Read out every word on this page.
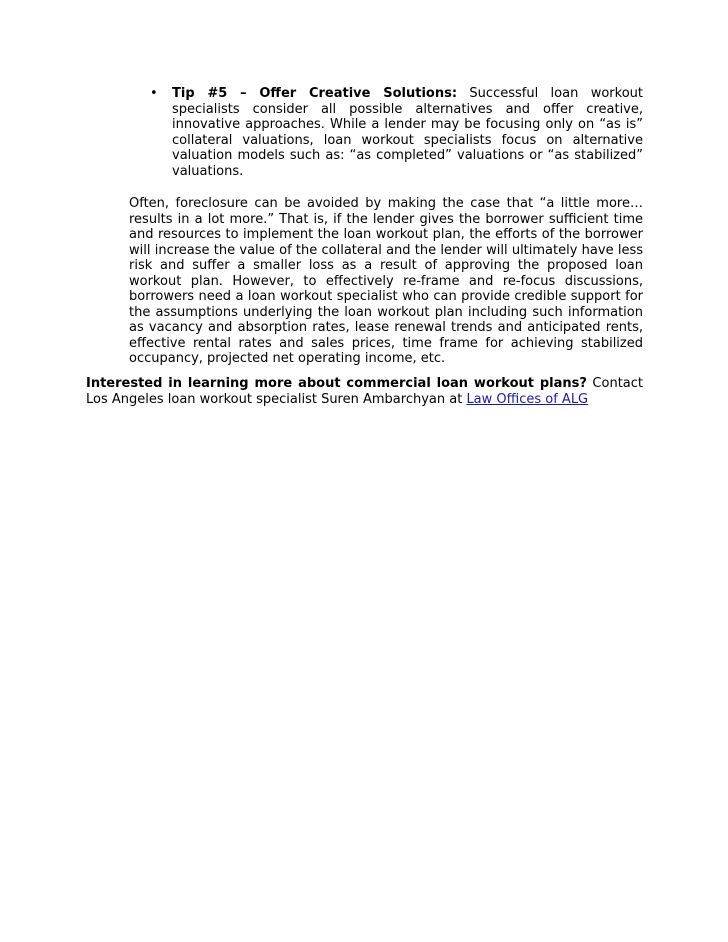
•	Tip #5 – Offer Creative Solutions: Successful loan workout specialists consider all possible alternatives and offer creative, innovative approaches. While a lender may be focusing only on “as is” collateral valuations, loan workout specialists focus on alternative valuation models such as: “as completed” valuations or “as stabilized” valuations.
Often, foreclosure can be avoided by making the case that “a little more… results in a lot more.” That is, if the lender gives the borrower sufficient time and resources to implement the loan workout plan, the efforts of the borrower will increase the value of the collateral and the lender will ultimately have less risk and suffer a smaller loss as a result of approving the proposed loan workout plan. However, to effectively re-frame and re-focus discussions, borrowers need a loan workout specialist who can provide credible support for the assumptions underlying the loan workout plan including such information as vacancy and absorption rates, lease renewal trends and anticipated rents, effective rental rates and sales prices, time frame for achieving stabilized occupancy, projected net operating income, etc.
Interested in learning more about commercial loan workout plans? Contact Los Angeles loan workout specialist Suren Ambarchyan at Law Offices of ALG
